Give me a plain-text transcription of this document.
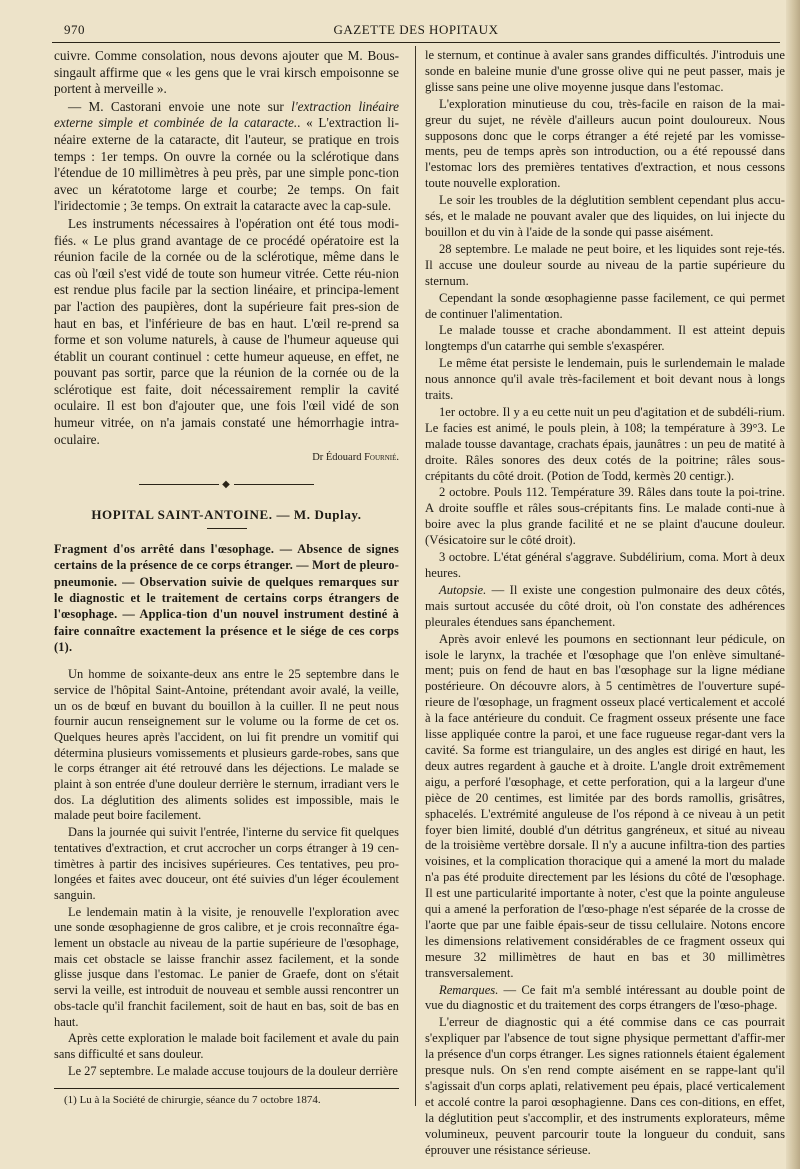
970	GAZETTE DES HOPITAUX

cuivre. Comme consolation, nous devons ajouter que M. Bous-singault affirme que « les gens que le vrai kirsch empoisonne se portent à merveille ».

— M. Castorani envoie une note sur l'extraction linéaire externe simple et combinée de la cataracte.. « L'extraction li-néaire externe de la cataracte, dit l'auteur, se pratique en trois temps : 1er temps. On ouvre la cornée ou la sclérotique dans l'étendue de 10 millimètres à peu près, par une simple ponc-tion avec un kératotome large et courbe; 2e temps. On fait l'iridectomie ; 3e temps. On extrait la cataracte avec la cap-sule.

Les instruments nécessaires à l'opération ont été tous modi-fiés. « Le plus grand avantage de ce procédé opératoire est la réunion facile de la cornée ou de la sclérotique, même dans le cas où l'œil s'est vidé de toute son humeur vitrée. Cette réu-nion est rendue plus facile par la section linéaire, et principa-lement par l'action des paupières, dont la supérieure fait pres-sion de haut en bas, et l'inférieure de bas en haut. L'œil re-prend sa forme et son volume naturels, à cause de l'humeur aqueuse qui établit un courant continuel : cette humeur aqueuse, en effet, ne pouvant pas sortir, parce que la réunion de la cornée ou de la sclérotique est faite, doit nécessairement remplir la cavité oculaire. Il est bon d'ajouter que, une fois l'œil vidé de son humeur vitrée, on n'a jamais constaté une hémorrhagie intra-oculaire.

Dr Édouard Fournié.
◆
HOPITAL SAINT-ANTOINE. — M. Duplay.
Fragment d'os arrêté dans l'œsophage. — Absence de signes certains de la présence de ce corps étranger. — Mort de pleuro-pneumonie. — Observation suivie de quelques remarques sur le diagnostic et le traitement de certains corps étrangers de l'œsophage. — Applica-tion d'un nouvel instrument destiné à faire connaître exactement la présence et le siége de ces corps (1).

Un homme de soixante-deux ans entre le 25 septembre dans le service de l'hôpital Saint-Antoine, prétendant avoir avalé, la veille, un os de bœuf en buvant du bouillon à la cuiller. Il ne peut nous fournir aucun renseignement sur le volume ou la forme de cet os. Quelques heures après l'accident, on lui fit prendre un vomitif qui détermina plusieurs vomissements et plusieurs garde-robes, sans que le corps étranger ait été retrouvé dans les déjections. Le malade se plaint à son entrée d'une douleur derrière le sternum, irradiant vers le dos. La déglutition des aliments solides est impossible, mais le malade peut boire facilement.

Dans la journée qui suivit l'entrée, l'interne du service fit quelques tentatives d'extraction, et crut accrocher un corps étranger à 19 cen-timètres à partir des incisives supérieures. Ces tentatives, peu pro-longées et faites avec douceur, ont été suivies d'un léger écoulement sanguin.

Le lendemain matin à la visite, je renouvelle l'exploration avec une sonde œsophagienne de gros calibre, et je crois reconnaître éga-lement un obstacle au niveau de la partie supérieure de l'œsophage, mais cet obstacle se laisse franchir assez facilement, et la sonde glisse jusque dans l'estomac. Le panier de Graefe, dont on s'était servi la veille, est introduit de nouveau et semble aussi rencontrer un obs-tacle qu'il franchit facilement, soit de haut en bas, soit de bas en haut.

Après cette exploration le malade boit facilement et avale du pain sans difficulté et sans douleur.

Le 27 septembre. Le malade accuse toujours de la douleur derrière

le sternum, et continue à avaler sans grandes difficultés. J'introduis une sonde en baleine munie d'une grosse olive qui ne peut passer, mais je glisse sans peine une olive moyenne jusque dans l'estomac.

L'exploration minutieuse du cou, très-facile en raison de la mai-greur du sujet, ne révèle d'ailleurs aucun point douloureux. Nous supposons donc que le corps étranger a été rejeté par les vomisse-ments, peu de temps après son introduction, ou a été repoussé dans l'estomac lors des premières tentatives d'extraction, et nous cessons toute nouvelle exploration.

Le soir les troubles de la déglutition semblent cependant plus accu-sés, et le malade ne pouvant avaler que des liquides, on lui injecte du bouillon et du vin à l'aide de la sonde qui passe aisément.

28 septembre. Le malade ne peut boire, et les liquides sont reje-tés. Il accuse une douleur sourde au niveau de la partie supérieure du sternum.

Cependant la sonde œsophagienne passe facilement, ce qui permet de continuer l'alimentation.

Le malade tousse et crache abondamment. Il est atteint depuis longtemps d'un catarrhe qui semble s'exaspérer.

Le même état persiste le lendemain, puis le surlendemain le malade nous annonce qu'il avale très-facilement et boit devant nous à longs traits.

1er octobre. Il y a eu cette nuit un peu d'agitation et de subdéli-rium. Le facies est animé, le pouls plein, à 108; la température à 39°3. Le malade tousse davantage, crachats épais, jaunâtres : un peu de matité à droite. Râles sonores des deux cotés de la poitrine; râles sous-crépitants du côté droit. (Potion de Todd, kermès 20 centigr.).

2 octobre. Pouls 112. Température 39. Râles dans toute la poi-trine. A droite souffle et râles sous-crépitants fins. Le malade conti-nue à boire avec la plus grande facilité et ne se plaint d'aucune douleur. (Vésicatoire sur le côté droit).

3 octobre. L'état général s'aggrave. Subdélirium, coma. Mort à deux heures.

Autopsie. — Il existe une congestion pulmonaire des deux côtés, mais surtout accusée du côté droit, où l'on constate des adhérences pleurales étendues sans épanchement.

Après avoir enlevé les poumons en sectionnant leur pédicule, on isole le larynx, la trachée et l'œsophage que l'on enlève simultané-ment; puis on fend de haut en bas l'œsophage sur la ligne médiane postérieure. On découvre alors, à 5 centimètres de l'ouverture supé-rieure de l'œsophage, un fragment osseux placé verticalement et accolé à la face antérieure du conduit. Ce fragment osseux présente une face lisse appliquée contre la paroi, et une face rugueuse regar-dant vers la cavité. Sa forme est triangulaire, un des angles est dirigé en haut, les deux autres regardent à gauche et à droite. L'angle droit extrêmement aigu, a perforé l'œsophage, et cette perforation, qui a la largeur d'une pièce de 20 centimes, est limitée par des bords ramollis, grisâtres, sphacelés. L'extrémité anguleuse de l'os répond à ce niveau à un petit foyer bien limité, doublé d'un détritus gangréneux, et situé au niveau de la troisième vertèbre dorsale. Il n'y a aucune infiltra-tion des parties voisines, et la complication thoracique qui a amené la mort du malade n'a pas été produite directement par les lésions du côté de l'œsophage. Il est une particularité importante à noter, c'est que la pointe anguleuse qui a amené la perforation de l'œso-phage n'est séparée de la crosse de l'aorte que par une faible épais-seur de tissu cellulaire. Notons encore les dimensions relativement considérables de ce fragment osseux qui mesure 32 millimètres de haut en bas et 30 millimètres transversalement.

Remarques. — Ce fait m'a semblé intéressant au double point de vue du diagnostic et du traitement des corps étrangers de l'œso-phage.

L'erreur de diagnostic qui a été commise dans ce cas pourrait s'expliquer par l'absence de tout signe physique permettant d'affir-mer la présence d'un corps étranger. Les signes rationnels étaient également presque nuls. On s'en rend compte aisément en se rappe-lant qu'il s'agissait d'un corps aplati, relativement peu épais, placé verticalement et accolé contre la paroi œsophagienne. Dans ces con-ditions, en effet, la déglutition peut s'accomplir, et des instruments explorateurs, même volumineux, peuvent parcourir toute la longueur du conduit, sans éprouver une résistance sérieuse.

(1) Lu à la Société de chirurgie, séance du 7 octobre 1874.
